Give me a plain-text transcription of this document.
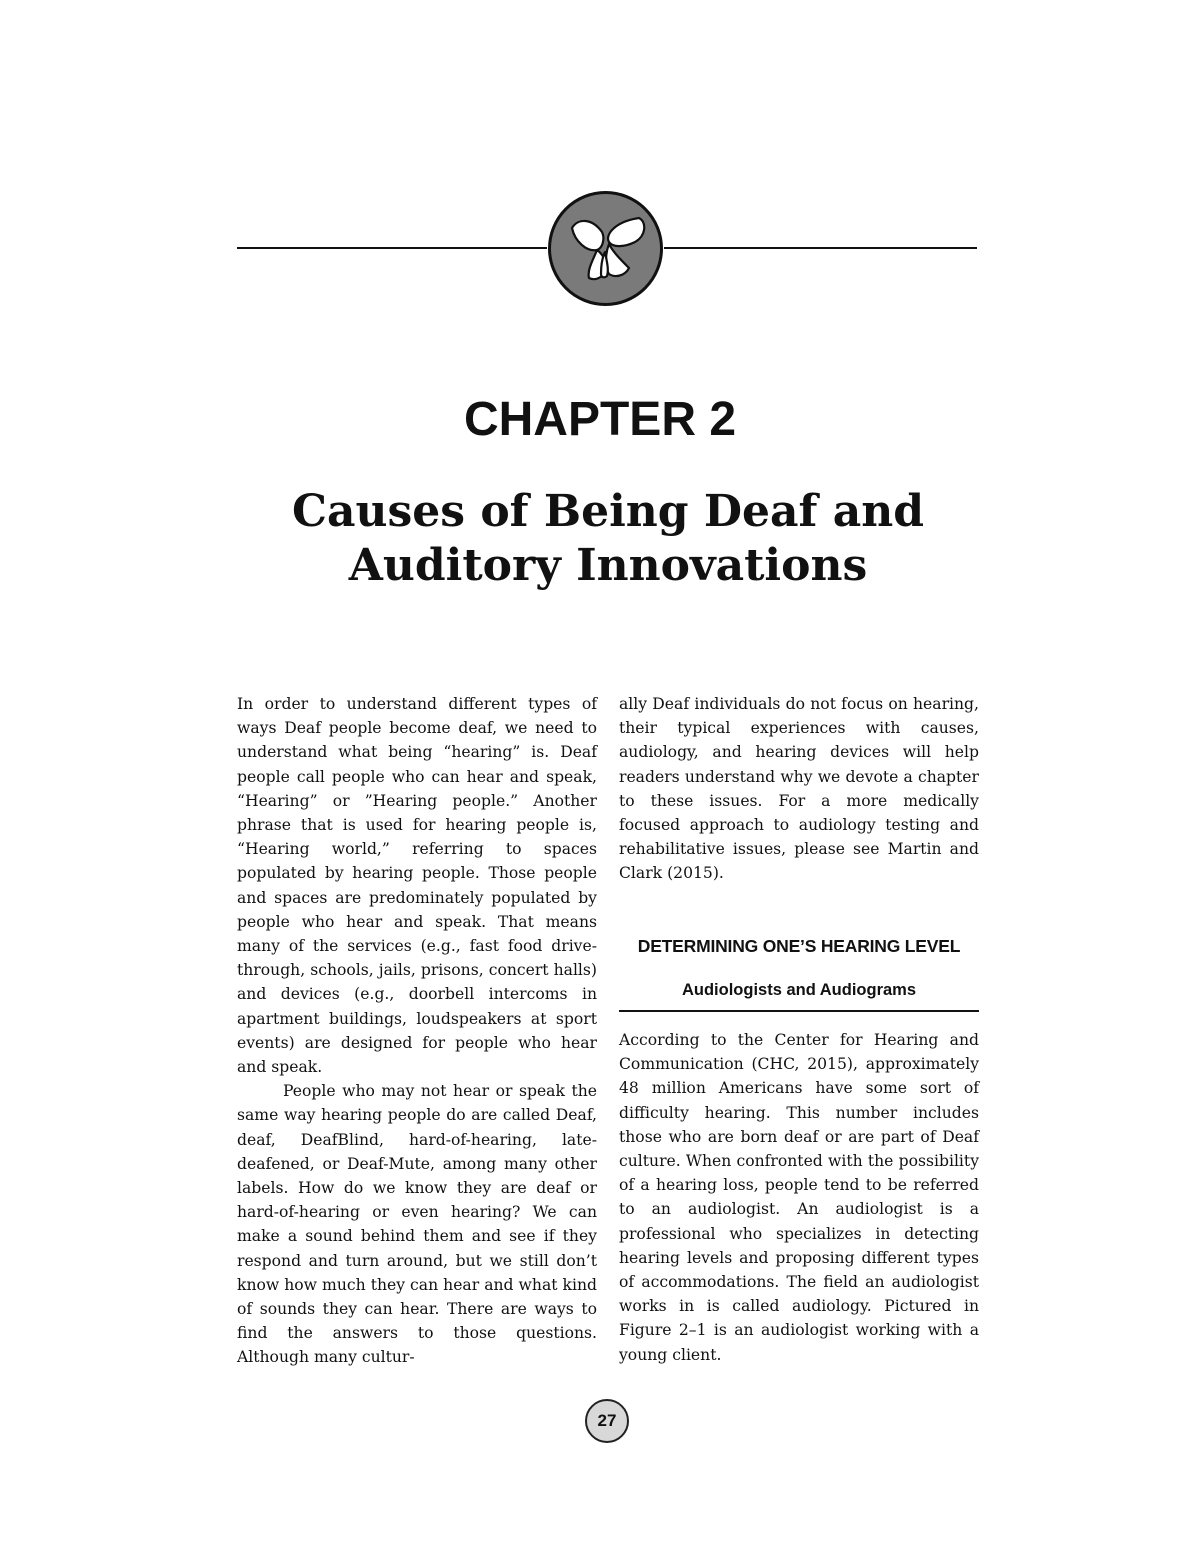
CHAPTER 2
Causes of Being Deaf and
Auditory Innovations

In order to understand different types of ways Deaf people become deaf, we need to understand what being “hearing” is. Deaf people call people who can hear and speak, “Hearing” or ”Hearing people.” Another phrase that is used for hearing people is, “Hearing world,” referring to spaces populated by hearing people. Those people and spaces are predominately populated by people who hear and speak. That means many of the services (e.g., fast food drive-through, schools, jails, prisons, concert halls) and devices (e.g., doorbell intercoms in apartment buildings, loudspeakers at sport events) are designed for people who hear and speak.

People who may not hear or speak the same way hearing people do are called Deaf, deaf, DeafBlind, hard-of-hearing, late-deafened, or Deaf-Mute, among many other labels. How do we know they are deaf or hard-of-hearing or even hearing? We can make a sound behind them and see if they respond and turn around, but we still don’t know how much they can hear and what kind of sounds they can hear. There are ways to find the answers to those questions. Although many cultur-

ally Deaf individuals do not focus on hearing, their typical experiences with causes, audiology, and hearing devices will help readers understand why we devote a chapter to these issues. For a more medically focused approach to audiology testing and rehabilitative issues, please see Martin and Clark (2015).

DETERMINING ONE’S HEARING LEVEL
Audiologists and Audiograms

According to the Center for Hearing and Communication (CHC, 2015), approximately 48 million Americans have some sort of difficulty hearing. This number includes those who are born deaf or are part of Deaf culture. When confronted with the possibility of a hearing loss, people tend to be referred to an audiologist. An audiologist is a professional who specializes in detecting hearing levels and proposing different types of accommodations. The field an audiologist works in is called audiology. Pictured in Figure 2–1 is an audiologist working with a young client.

27
